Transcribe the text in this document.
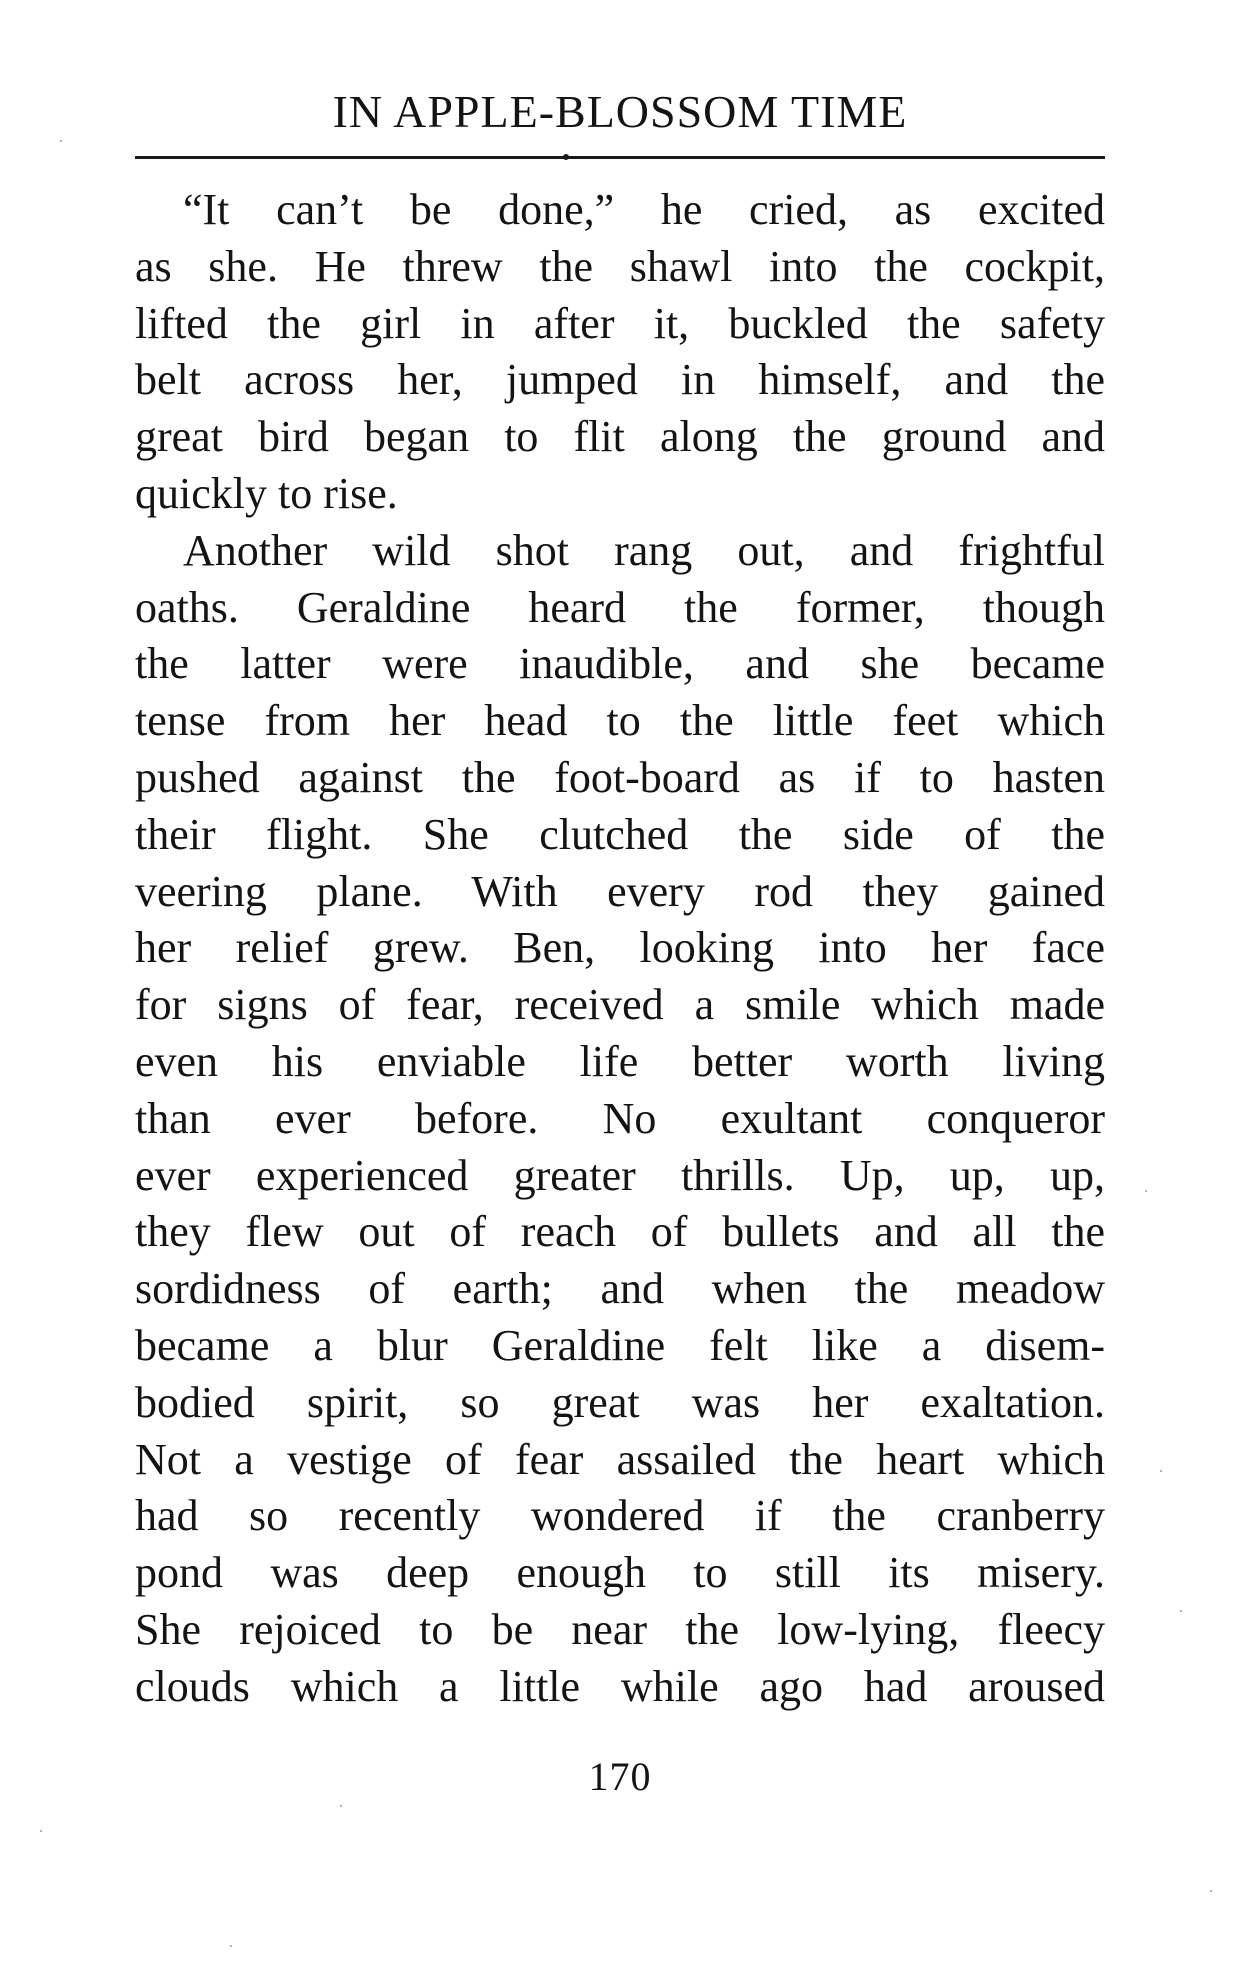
IN APPLE-BLOSSOM TIME
“It can’t be done,” he cried, as excited
as she. He threw the shawl into the cockpit,
lifted the girl in after it, buckled the safety
belt across her, jumped in himself, and the
great bird began to flit along the ground and
quickly to rise.
Another wild shot rang out, and frightful
oaths. Geraldine heard the former, though
the latter were inaudible, and she became
tense from her head to the little feet which
pushed against the foot-board as if to hasten
their flight. She clutched the side of the
veering plane. With every rod they gained
her relief grew. Ben, looking into her face
for signs of fear, received a smile which made
even his enviable life better worth living
than ever before. No exultant conqueror
ever experienced greater thrills. Up, up, up,
they flew out of reach of bullets and all the
sordidness of earth; and when the meadow
became a blur Geraldine felt like a disem-
bodied spirit, so great was her exaltation.
Not a vestige of fear assailed the heart which
had so recently wondered if the cranberry
pond was deep enough to still its misery.
She rejoiced to be near the low-lying, fleecy
clouds which a little while ago had aroused
170
